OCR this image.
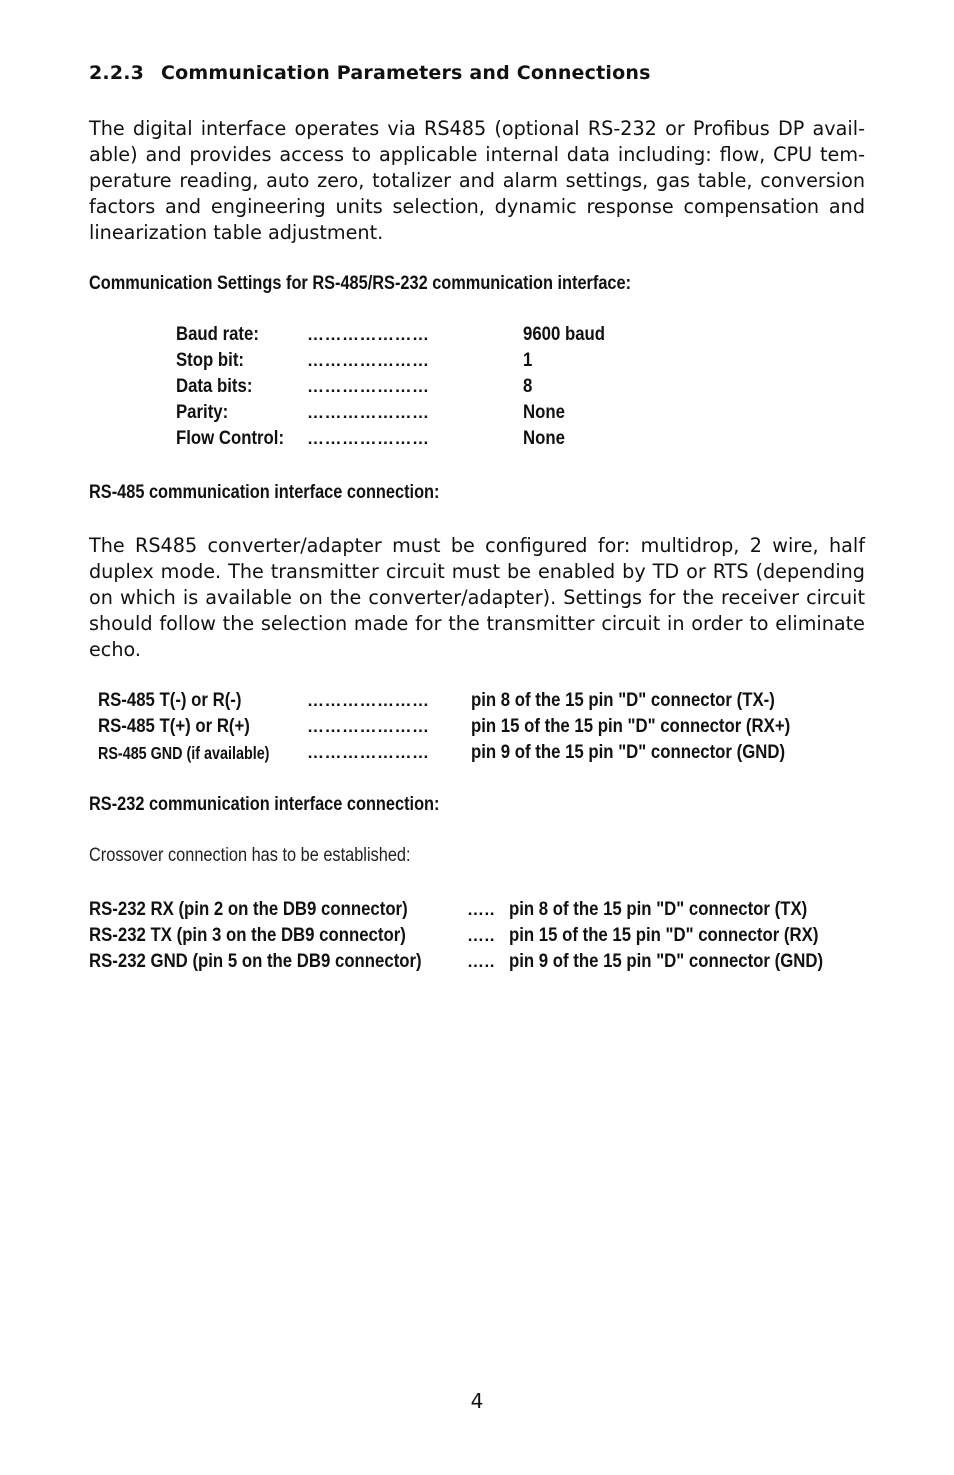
2.2.3 Communication Parameters and Connections

The digital interface operates via RS485 (optional RS-232 or Profibus DP available) and provides access to applicable internal data including: flow, CPU temperature reading, auto zero, totalizer and alarm settings, gas table, conversion factors and engineering units selection, dynamic response compensation and linearization table adjustment.

Communication Settings for RS-485/RS-232 communication interface:
Baud rate:	…………………	9600 baud
Stop bit:	…………………	1
Data bits:	…………………	8
Parity:	…………………	None
Flow Control: …………………	None
RS-485 communication interface connection:

The RS485 converter/adapter must be configured for: multidrop, 2 wire, half duplex mode. The transmitter circuit must be enabled by TD or RTS (depending on which is available on the converter/adapter). Settings for the receiver circuit should follow the selection made for the transmitter circuit in order to eliminate echo.

RS-485 T(-) or R(-)	………………… pin 8 of the 15 pin "D" connector (TX-)
RS-485 T(+) or R(+)	………………… pin 15 of the 15 pin "D" connector (RX+)
RS-485 GND (if available) ………………… pin 9 of the 15 pin "D" connector (GND)
RS-232 communication interface connection:
Crossover connection has to be established:
RS-232 RX (pin 2 on the DB9 connector)	….. pin 8 of the 15 pin "D" connector (TX)
RS-232 TX (pin 3 on the DB9 connector)	….. pin 15 of the 15 pin "D" connector (RX)
RS-232 GND (pin 5 on the DB9 connector)	….. pin 9 of the 15 pin "D" connector (GND)
4
